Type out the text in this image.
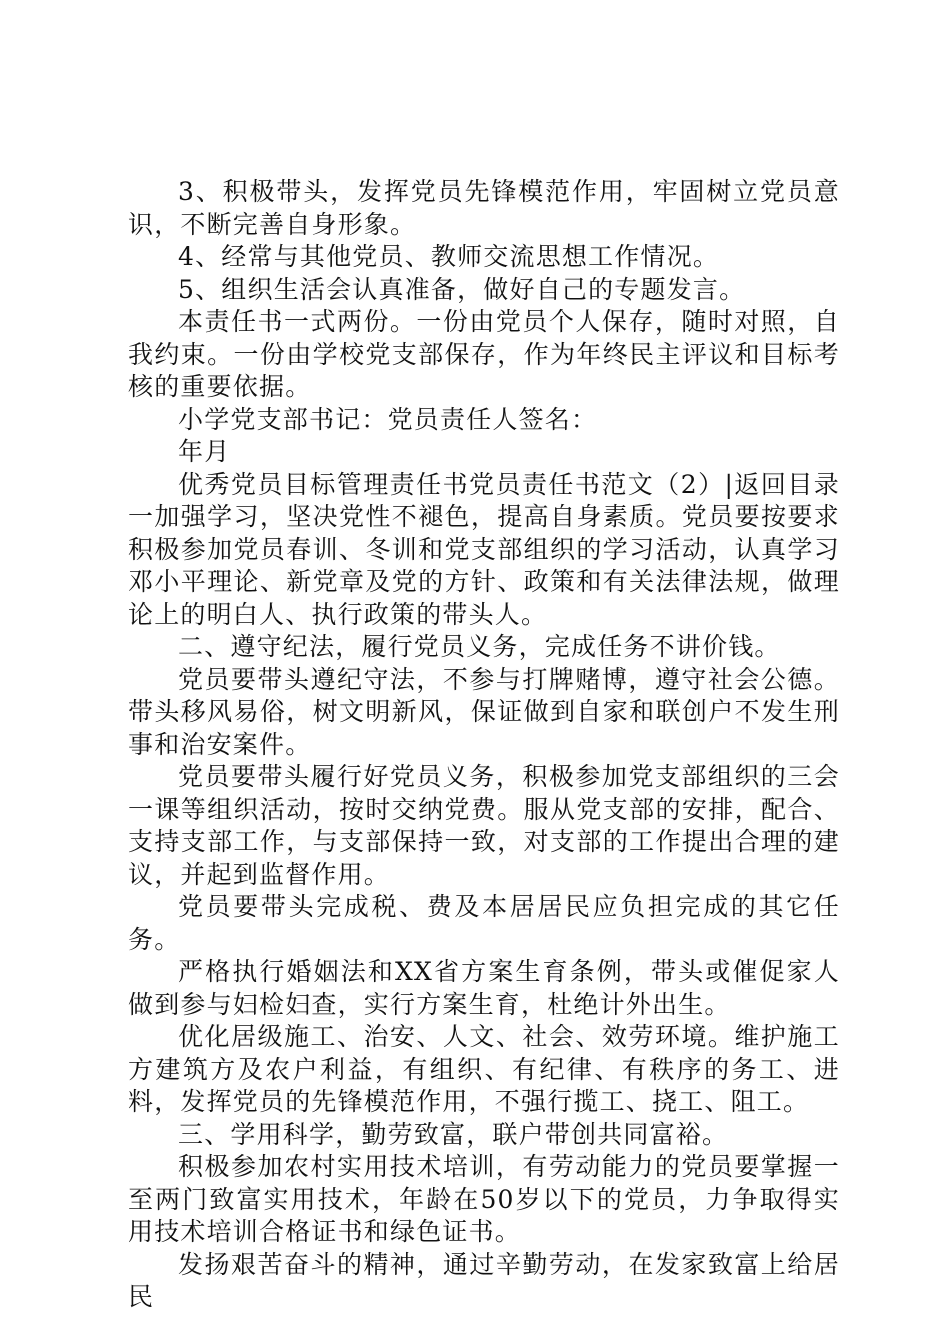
3、积极带头，发挥党员先锋模范作用，牢固树立党员意识，不断完善自身形象。

4、经常与其他党员、教师交流思想工作情况。

5、组织生活会认真准备，做好自己的专题发言。

本责任书一式两份。一份由党员个人保存，随时对照，自我约束。一份由学校党支部保存，作为年终民主评议和目标考核的重要依据。

小学党支部书记：党员责任人签名：

年月

优秀党员目标管理责任书党员责任书范文（2）|返回目录一加强学习，坚决党性不褪色，提高自身素质。党员要按要求积极参加党员春训、冬训和党支部组织的学习活动，认真学习邓小平理论、新党章及党的方针、政策和有关法律法规，做理论上的明白人、执行政策的带头人。

二、遵守纪法，履行党员义务，完成任务不讲价钱。

党员要带头遵纪守法，不参与打牌赌博，遵守社会公德。带头移风易俗，树文明新风，保证做到自家和联创户不发生刑事和治安案件。

党员要带头履行好党员义务，积极参加党支部组织的三会一课等组织活动，按时交纳党费。服从党支部的安排，配合、支持支部工作，与支部保持一致，对支部的工作提出合理的建议，并起到监督作用。

党员要带头完成税、费及本居居民应负担完成的其它任务。

严格执行婚姻法和XX省方案生育条例，带头或催促家人做到参与妇检妇查，实行方案生育，杜绝计外出生。

优化居级施工、治安、人文、社会、效劳环境。维护施工方建筑方及农户利益，有组织、有纪律、有秩序的务工、进料，发挥党员的先锋模范作用，不强行揽工、挠工、阻工。

三、学用科学，勤劳致富，联户带创共同富裕。

积极参加农村实用技术培训，有劳动能力的党员要掌握一至两门致富实用技术，年龄在50岁以下的党员，力争取得实用技术培训合格证书和绿色证书。

发扬艰苦奋斗的精神，通过辛勤劳动，在发家致富上给居民
